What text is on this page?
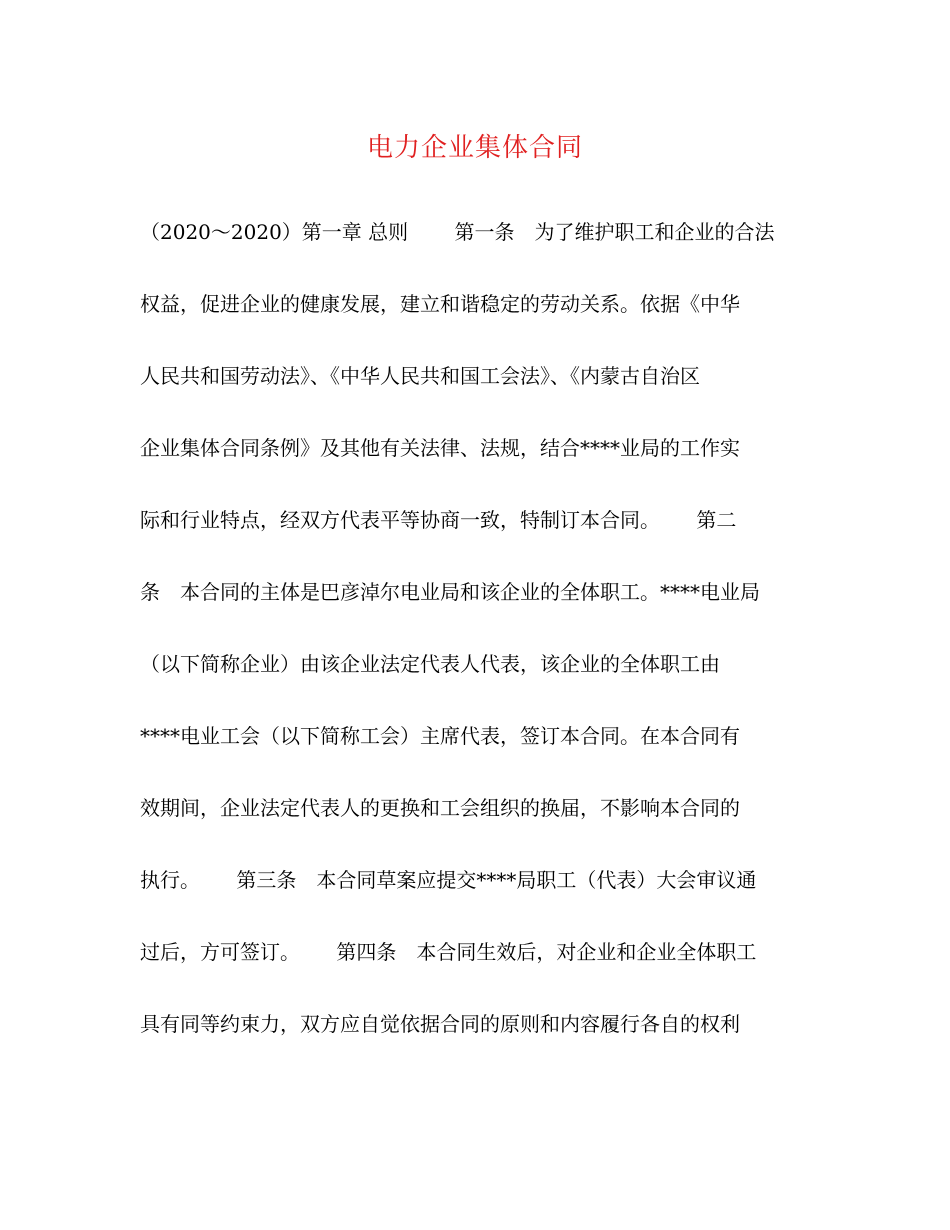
电力企业集体合同
（2020～2020）第一章 总则　　 第一条　为了维护职工和企业的合法
权益，促进企业的健康发展，建立和谐稳定的劳动关系。依据《中华
人民共和国劳动法》、《中华人民共和国工会法》、《内蒙古自治区
企业集体合同条例》及其他有关法律、法规，结合****业局的工作实
际和行业特点，经双方代表平等协商一致，特制订本合同。　　 第二
条　本合同的主体是巴彦淖尔电业局和该企业的全体职工。****电业局
（以下简称企业）由该企业法定代表人代表，该企业的全体职工由
****电业工会（以下简称工会）主席代表，签订本合同。在本合同有
效期间，企业法定代表人的更换和工会组织的换届，不影响本合同的
执行。　　 第三条　本合同草案应提交****局职工（代表）大会审议通
过后，方可签订。　　 第四条　本合同生效后，对企业和企业全体职工
具有同等约束力，双方应自觉依据合同的原则和内容履行各自的权利
